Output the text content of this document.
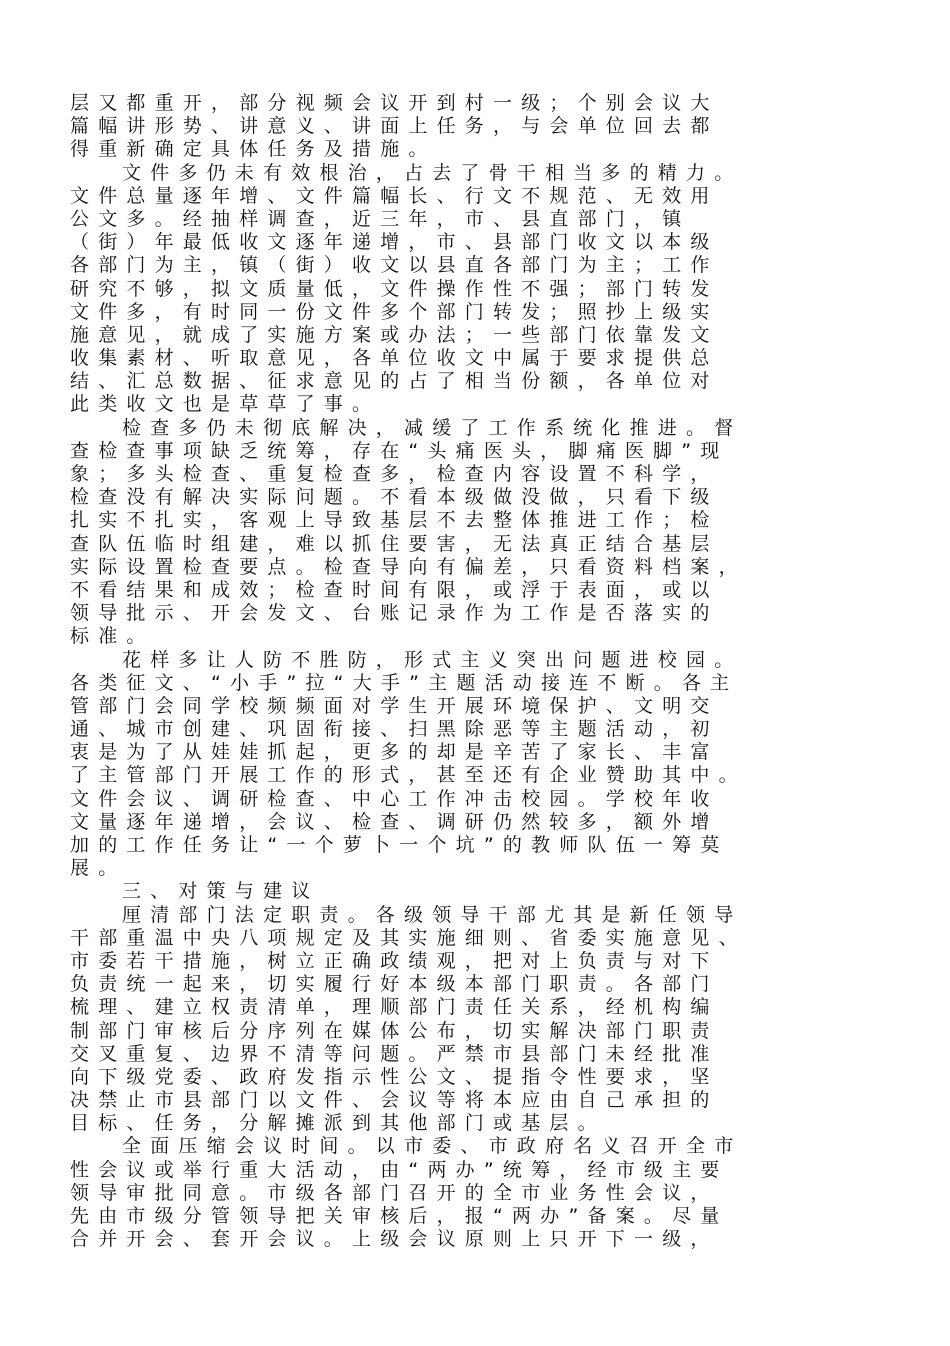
层又都重开，部分视频会议开到村一级；个别会议大
篇幅讲形势、讲意义、讲面上任务，与会单位回去都
得重新确定具体任务及措施。
文件多仍未有效根治，占去了骨干相当多的精力。
文件总量逐年增、文件篇幅长、行文不规范、无效用
公文多。经抽样调查，近三年，市、县直部门，镇
（街）年最低收文逐年递增，市、县部门收文以本级
各部门为主，镇（街）收文以县直各部门为主；工作
研究不够，拟文质量低，文件操作性不强；部门转发
文件多，有时同一份文件多个部门转发；照抄上级实
施意见，就成了实施方案或办法；一些部门依靠发文
收集素材、听取意见，各单位收文中属于要求提供总
结、汇总数据、征求意见的占了相当份额，各单位对
此类收文也是草草了事。
检查多仍未彻底解决，减缓了工作系统化推进。督
查检查事项缺乏统筹，存在“头痛医头，脚痛医脚”现
象；多头检查、重复检查多，检查内容设置不科学，
检查没有解决实际问题。不看本级做没做，只看下级
扎实不扎实，客观上导致基层不去整体推进工作；检
查队伍临时组建，难以抓住要害，无法真正结合基层
实际设置检查要点。检查导向有偏差，只看资料档案，
不看结果和成效；检查时间有限，或浮于表面，或以
领导批示、开会发文、台账记录作为工作是否落实的
标准。
花样多让人防不胜防，形式主义突出问题进校园。
各类征文、“小手”拉“大手”主题活动接连不断。各主
管部门会同学校频频面对学生开展环境保护、文明交
通、城市创建、巩固衔接、扫黑除恶等主题活动，初
衷是为了从娃娃抓起，更多的却是辛苦了家长、丰富
了主管部门开展工作的形式，甚至还有企业赞助其中。
文件会议、调研检查、中心工作冲击校园。学校年收
文量逐年递增，会议、检查、调研仍然较多，额外增
加的工作任务让“一个萝卜一个坑”的教师队伍一筹莫
展。
三、对策与建议
厘清部门法定职责。各级领导干部尤其是新任领导
干部重温中央八项规定及其实施细则、省委实施意见、
市委若干措施，树立正确政绩观，把对上负责与对下
负责统一起来，切实履行好本级本部门职责。各部门
梳理、建立权责清单，理顺部门责任关系，经机构编
制部门审核后分序列在媒体公布，切实解决部门职责
交叉重复、边界不清等问题。严禁市县部门未经批准
向下级党委、政府发指示性公文、提指令性要求，坚
决禁止市县部门以文件、会议等将本应由自己承担的
目标、任务，分解摊派到其他部门或基层。
全面压缩会议时间。以市委、市政府名义召开全市
性会议或举行重大活动，由“两办”统筹，经市级主要
领导审批同意。市级各部门召开的全市业务性会议，
先由市级分管领导把关审核后，报“两办”备案。尽量
合并开会、套开会议。上级会议原则上只开下一级，
